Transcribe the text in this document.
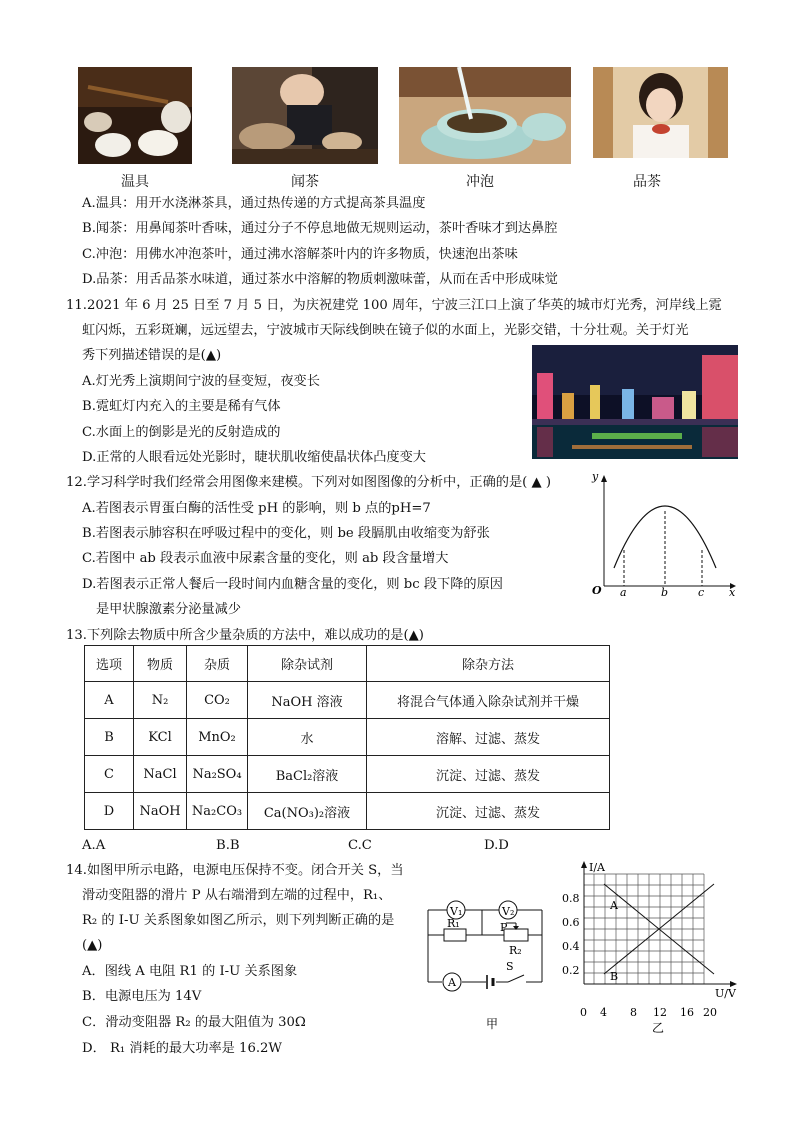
温具	闻茶	冲泡	品茶
A.温具：用开水浇淋茶具，通过热传递的方式提高茶具温度
B.闻茶：用鼻闻茶叶香味，通过分子不停息地做无规则运动，茶叶香味才到达鼻腔
C.冲泡：用佛水冲泡茶叶，通过沸水溶解茶叶内的许多物质，快速泡出茶味
D.品茶：用舌品茶水味道，通过茶水中溶解的物质刺激味蕾，从而在舌中形成味觉
11.2021 年 6 月 25 日至 7 月 5 日，为庆祝建党 100 周年，宁波三江口上演了华英的城市灯光秀，河岸线上霓
虹闪烁，五彩斑斓，远远望去，宁波城市天际线倒映在镜子似的水面上，光影交错，十分壮观。关于灯光
秀下列描述错误的是(▲)
A.灯光秀上演期间宁波的昼变短，夜变长
B.霓虹灯内充入的主要是稀有气体
C.水面上的倒影是光的反射造成的
D.正常的人眼看远处光影时，睫状肌收缩使晶状体凸度变大
12.学习科学时我们经常会用图像来建模。下列对如图图像的分析中，正确的是( ▲ )
A.若图表示胃蛋白酶的活性受 pH 的影响，则 b 点的pH=7
B.若图表示肺容积在呼吸过程中的变化，则 be 段膈肌由收缩变为舒张
C.若图中 ab 段表示血液中尿素含量的变化，则 ab 段含量增大
D.若图表示正常人餐后一段时间内血糖含量的变化，则 bc 段下降的原因
是甲状腺激素分泌量减少
y
O a	b	c x
13.下列除去物质中所含少量杂质的方法中，难以成功的是(▲)
选项	物质	杂质	除杂试剂	除杂方法
A	N₂	CO₂	NaOH 溶液	将混合气体通入除杂试剂并干燥
B	KCl	MnO₂	水	溶解、过滤、蒸发
C	NaCl	Na₂SO₄	BaCl₂溶液	沉淀、过滤、蒸发
D	NaOH	Na₂CO₃	Ca(NO₃)₂溶液	沉淀、过滤、蒸发
A.A	B.B	C.C	D.D
14.如图甲所示电路，电源电压保持不变。闭合开关 S，当
滑动变阻器的滑片 P 从右端滑到左端的过程中，R₁、
R₂ 的 I-U 关系图象如图乙所示，则下列判断正确的是
(▲)
A．图线 A 电阻 R1 的 I-U 关系图象
B．电源电压为 14V
C．滑动变阻器 R₂ 的最大阻值为 30Ω
D． R₁ 消耗的最大功率是 16.2W
V₁	V₂
R₁	P
R₂
A
S
甲
I/A
U/V
0.8
0.6
0.4
0.2
0 4 8 12 16 20
A
B
乙
